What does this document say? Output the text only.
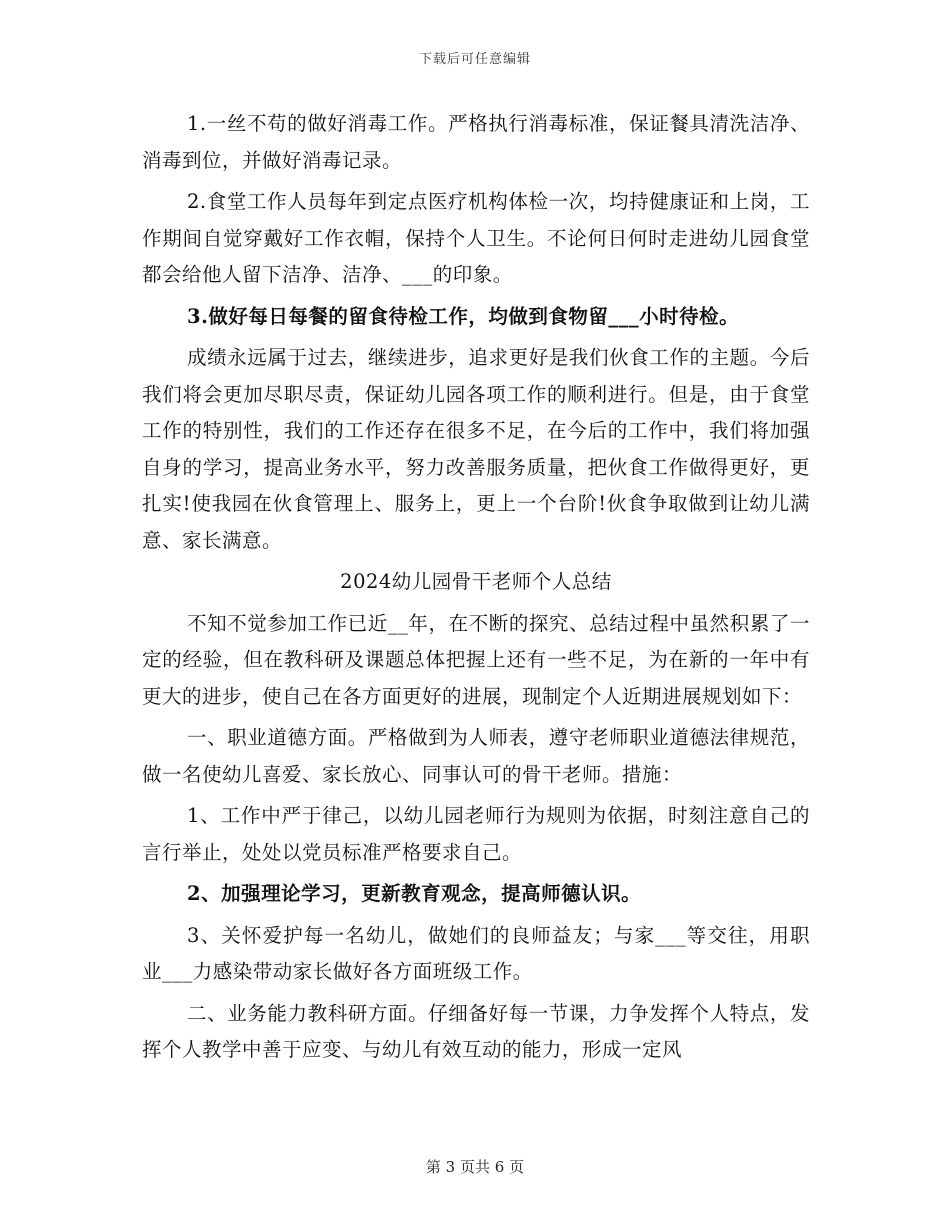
下载后可任意编辑

1.一丝不苟的做好消毒工作。严格执行消毒标准，保证餐具清洗洁净、消毒到位，并做好消毒记录。

2.食堂工作人员每年到定点医疗机构体检一次，均持健康证和上岗，工作期间自觉穿戴好工作衣帽，保持个人卫生。不论何日何时走进幼儿园食堂都会给他人留下洁净、洁净、___的印象。

3.做好每日每餐的留食待检工作，均做到食物留___小时待检。

成绩永远属于过去，继续进步，追求更好是我们伙食工作的主题。今后我们将会更加尽职尽责，保证幼儿园各项工作的顺利进行。但是，由于食堂工作的特别性，我们的工作还存在很多不足，在今后的工作中，我们将加强自身的学习，提高业务水平，努力改善服务质量，把伙食工作做得更好，更扎实!使我园在伙食管理上、服务上，更上一个台阶!伙食争取做到让幼儿满意、家长满意。

2024幼儿园骨干老师个人总结

不知不觉参加工作已近__年，在不断的探究、总结过程中虽然积累了一定的经验，但在教科研及课题总体把握上还有一些不足，为在新的一年中有更大的进步，使自己在各方面更好的进展，现制定个人近期进展规划如下：

一、职业道德方面。严格做到为人师表，遵守老师职业道德法律规范，做一名使幼儿喜爱、家长放心、同事认可的骨干老师。措施：

1、工作中严于律己，以幼儿园老师行为规则为依据，时刻注意自己的言行举止，处处以党员标准严格要求自己。

2、加强理论学习，更新教育观念，提高师德认识。

3、关怀爱护每一名幼儿，做她们的良师益友；与家___等交往，用职业___力感染带动家长做好各方面班级工作。

二、业务能力教科研方面。仔细备好每一节课，力争发挥个人特点，发挥个人教学中善于应变、与幼儿有效互动的能力，形成一定风

第 3 页共 6 页
